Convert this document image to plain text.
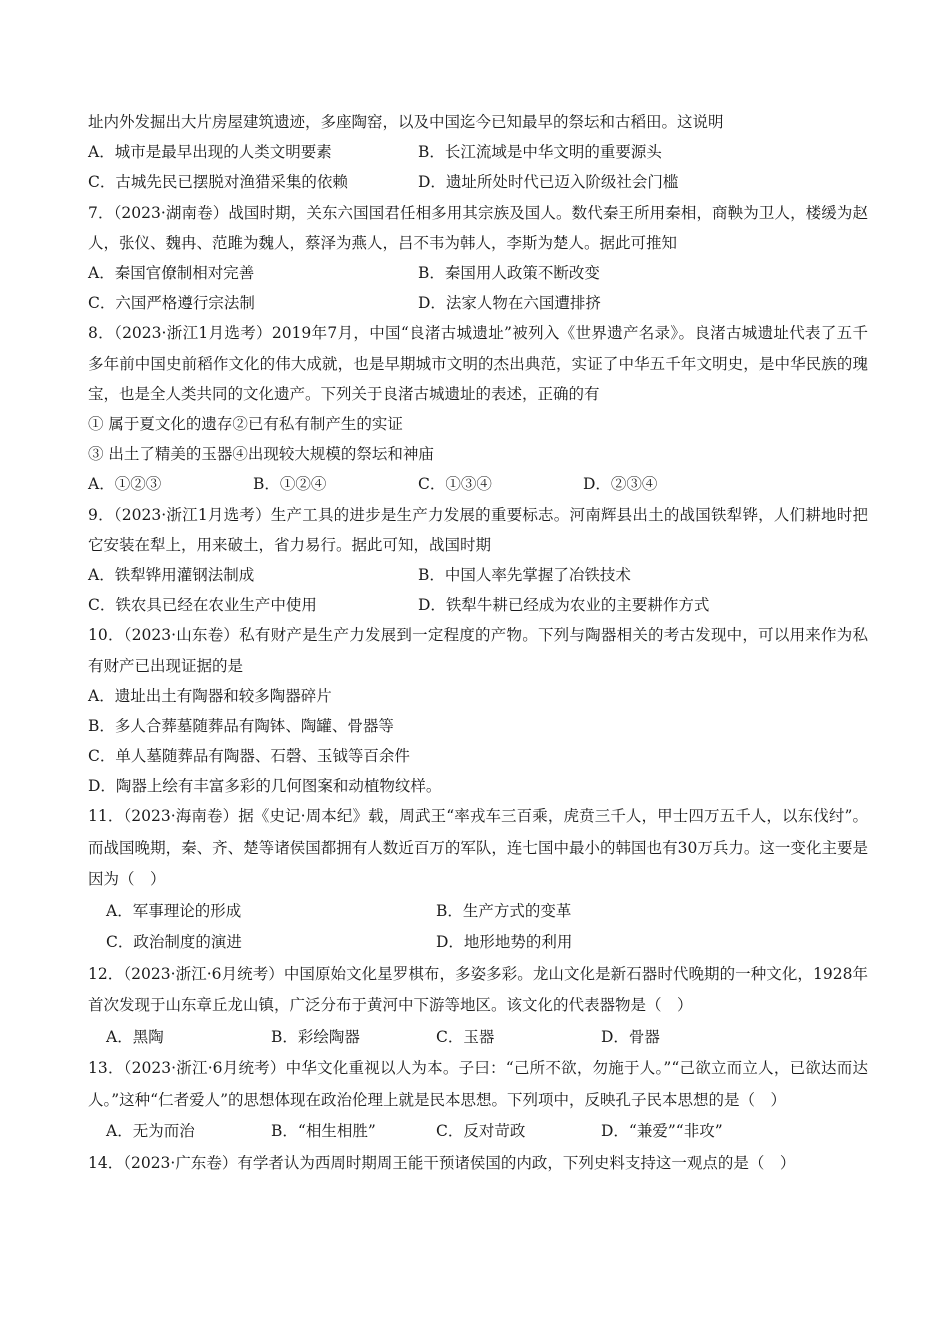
址内外发掘出大片房屋建筑遗迹，多座陶窑，以及中国迄今已知最早的祭坛和古稻田。这说明
A．城市是最早出现的人类文明要素	B．长江流域是中华文明的重要源头
C．古城先民已摆脱对渔猎采集的依赖	D．遗址所处时代已迈入阶级社会门槛
7．（2023·湖南卷）战国时期，关东六国国君任相多用其宗族及国人。数代秦王所用秦相，商鞅为卫人，楼缓为赵人，张仪、魏冉、范雎为魏人，蔡泽为燕人，吕不韦为韩人，李斯为楚人。据此可推知
A．秦国官僚制相对完善	B．秦国用人政策不断改变
C．六国严格遵行宗法制	D．法家人物在六国遭排挤
8．（2023·浙江1月选考）2019年7月，中国“良渚古城遗址”被列入《世界遗产名录》。良渚古城遗址代表了五千多年前中国史前稻作文化的伟大成就，也是早期城市文明的杰出典范，实证了中华五千年文明史，是中华民族的瑰宝，也是全人类共同的文化遗产。下列关于良渚古城遗址的表述，正确的有
① 属于夏文化的遗存②已有私有制产生的实证
③ 出土了精美的玉器④出现较大规模的祭坛和神庙
A．①②③	B．①②④	C．①③④	D．②③④
9．（2023·浙江1月选考）生产工具的进步是生产力发展的重要标志。河南辉县出土的战国铁犁铧，人们耕地时把它安装在犁上，用来破土，省力易行。据此可知，战国时期
A．铁犁铧用灌钢法制成	B．中国人率先掌握了冶铁技术
C．铁农具已经在农业生产中使用	D．铁犁牛耕已经成为农业的主要耕作方式
10．（2023·山东卷）私有财产是生产力发展到一定程度的产物。下列与陶器相关的考古发现中，可以用来作为私有财产已出现证据的是
A．遗址出土有陶器和较多陶器碎片
B．多人合葬墓随葬品有陶钵、陶罐、骨器等
C．单人墓随葬品有陶器、石磬、玉钺等百余件
D．陶器上绘有丰富多彩的几何图案和动植物纹样。
11．（2023·海南卷）据《史记·周本纪》载，周武王“率戎车三百乘，虎贲三千人，甲士四万五千人，以东伐纣”。而战国晚期，秦、齐、楚等诸侯国都拥有人数近百万的军队，连七国中最小的韩国也有30万兵力。这一变化主要是因为（　）
A．军事理论的形成	B．生产方式的变革
C．政治制度的演进	D．地形地势的利用
12．（2023·浙江·6月统考）中国原始文化星罗棋布，多姿多彩。龙山文化是新石器时代晚期的一种文化，1928年首次发现于山东章丘龙山镇，广泛分布于黄河中下游等地区。该文化的代表器物是（　）
A．黑陶	B．彩绘陶器	C．玉器	D．骨器
13．（2023·浙江·6月统考）中华文化重视以人为本。子曰：“己所不欲，勿施于人。”“己欲立而立人，已欲达而达人。”这种“仁者爱人”的思想体现在政治伦理上就是民本思想。下列项中，反映孔子民本思想的是（　）
A．无为而治	B．“相生相胜”	C．反对苛政	D．“兼爱”“非攻”
14．（2023·广东卷）有学者认为西周时期周王能干预诸侯国的内政，下列史料支持这一观点的是（　）
